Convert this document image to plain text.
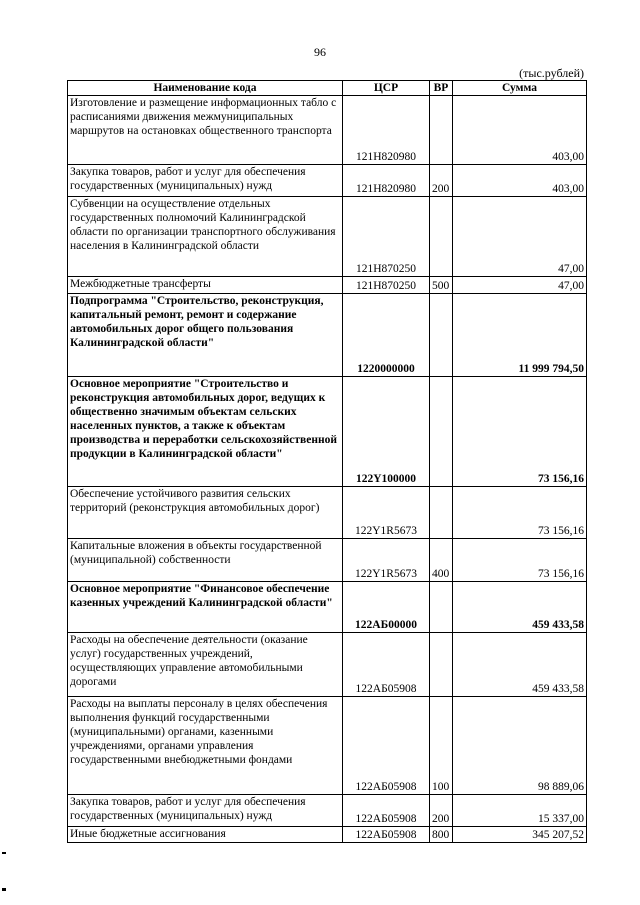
96
(тыс.рублей)
Наименование кода	ЦСР	ВР	Сумма
Изготовление и размещение информационных табло с расписаниями движения межмуниципальных маршрутов на остановках общественного транспорта	121Н820980		403,00
Закупка товаров, работ и услуг для обеспечения государственных (муниципальных) нужд	121Н820980	200	403,00
Субвенции на осуществление отдельных государственных полномочий Калининградской области по организации транспортного обслуживания населения в Калининградской области	121Н870250		47,00
Межбюджетные трансферты	121Н870250	500	47,00
Подпрограмма "Строительство, реконструкция, капитальный ремонт, ремонт и содержание автомобильных дорог общего пользования Калининградской области"	1220000000		11 999 794,50
Основное мероприятие "Строительство и реконструкция автомобильных дорог, ведущих к общественно значимым объектам сельских населенных пунктов, а также к объектам производства и переработки сельскохозяйственной продукции в Калининградской области"	122Y100000		73 156,16
Обеспечение устойчивого развития сельских территорий (реконструкция автомобильных дорог)	122Y1R5673		73 156,16
Капитальные вложения в объекты государственной (муниципальной) собственности	122Y1R5673	400	73 156,16
Основное мероприятие "Финансовое обеспечение казенных учреждений Калининградской области"	122АБ00000		459 433,58
Расходы на обеспечение деятельности (оказание услуг) государственных учреждений, осуществляющих управление автомобильными дорогами	122АБ05908		459 433,58
Расходы на выплаты персоналу в целях обеспечения выполнения функций государственными (муниципальными) органами, казенными учреждениями, органами управления государственными внебюджетными фондами	122АБ05908	100	98 889,06
Закупка товаров, работ и услуг для обеспечения государственных (муниципальных) нужд	122АБ05908	200	15 337,00
Иные бюджетные ассигнования	122АБ05908	800	345 207,52
